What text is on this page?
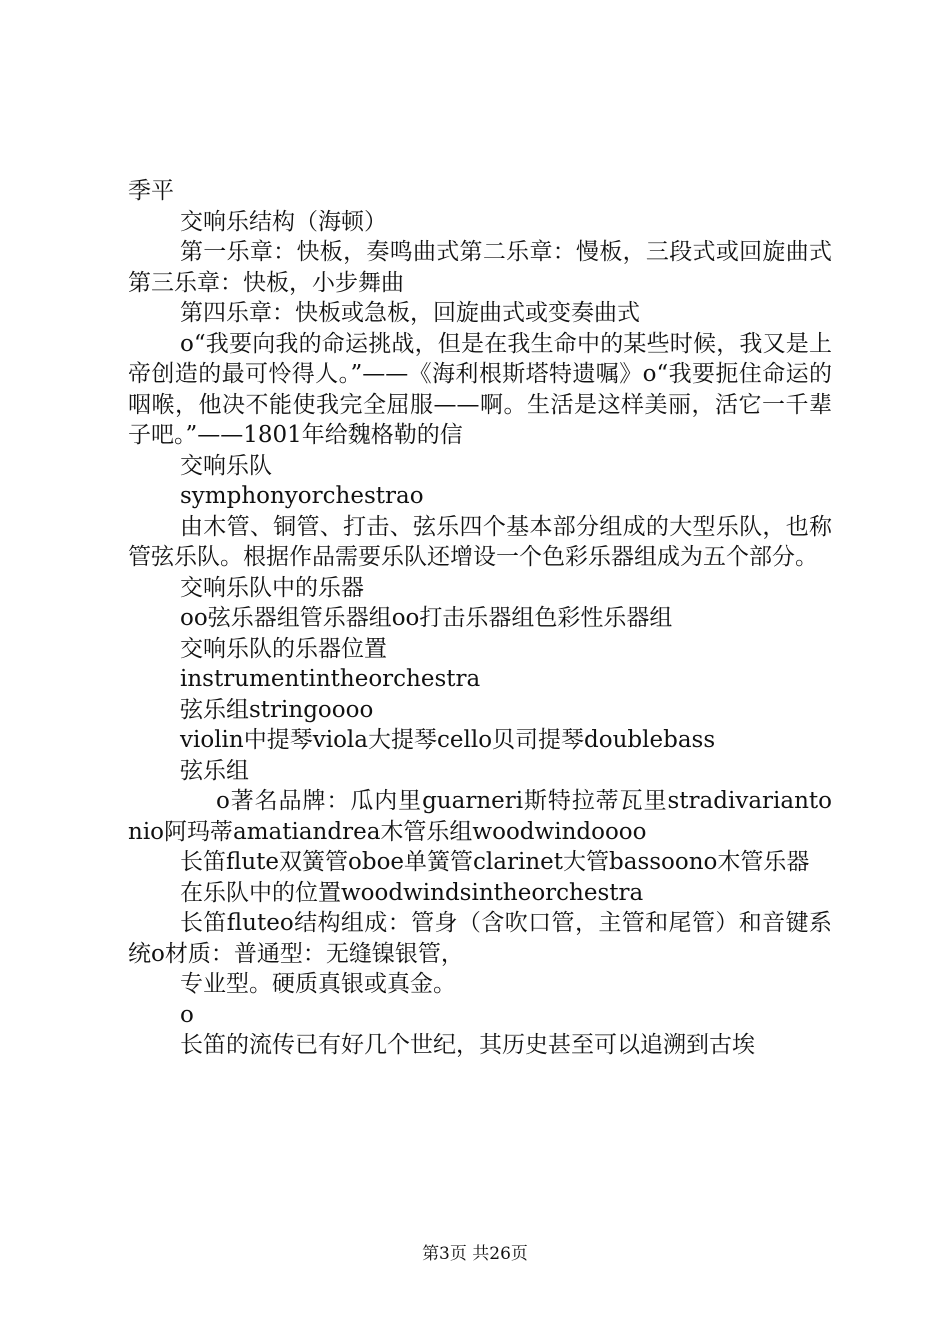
季平

交响乐结构（海顿）

第一乐章：快板，奏鸣曲式第二乐章：慢板，三段式或回旋曲式第三乐章：快板，小步舞曲

第四乐章：快板或急板，回旋曲式或变奏曲式

o“我要向我的命运挑战，但是在我生命中的某些时候，我又是上帝创造的最可怜得人。”——《海利根斯塔特遗嘱》o“我要扼住命运的咽喉，他决不能使我完全屈服——啊。生活是这样美丽，活它一千辈子吧。”——1801年给魏格勒的信

交响乐队

symphonyorchestrao

由木管、铜管、打击、弦乐四个基本部分组成的大型乐队，也称管弦乐队。根据作品需要乐队还增设一个色彩乐器组成为五个部分。

交响乐队中的乐器

oo弦乐器组管乐器组oo打击乐器组色彩性乐器组

交响乐队的乐器位置

instrumentintheorchestra

弦乐组stringoooo

violin中提琴viola大提琴cello贝司提琴doublebass

弦乐组

o著名品牌：瓜内里guarneri斯特拉蒂瓦里stradivariantonio阿玛蒂amatiandrea木管乐组woodwindoooo

长笛flute双簧管oboe单簧管clarinet大管bassoono木管乐器

在乐队中的位置woodwindsintheorchestra

长笛fluteo结构组成：管身（含吹口管，主管和尾管）和音键系统o材质：普通型：无缝镍银管，

专业型。硬质真银或真金。

o

长笛的流传已有好几个世纪，其历史甚至可以追溯到古埃

第3页 共26页
